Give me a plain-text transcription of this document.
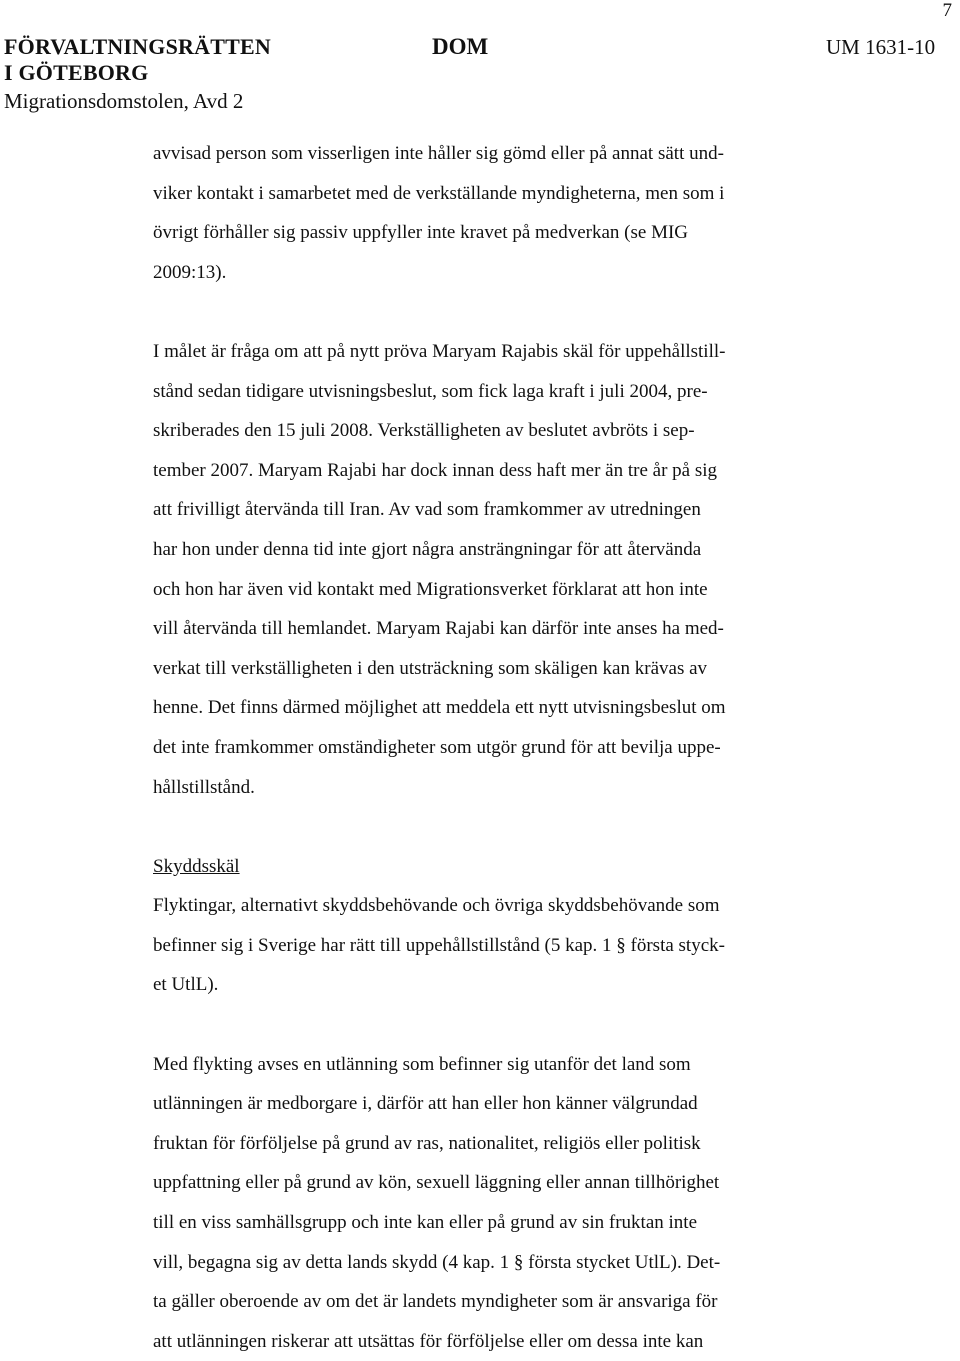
7
FÖRVALTNINGSRÄTTEN
I GÖTEBORG
Migrationsdomstolen, Avd 2
DOM	UM 1631-10
avvisad person som visserligen inte håller sig gömd eller på annat sätt und-
viker kontakt i samarbetet med de verkställande myndigheterna, men som i
övrigt förhåller sig passiv uppfyller inte kravet på medverkan (se MIG
2009:13).
I målet är fråga om att på nytt pröva Maryam Rajabis skäl för uppehållstill-
stånd sedan tidigare utvisningsbeslut, som fick laga kraft i juli 2004, pre-
skriberades den 15 juli 2008. Verkställigheten av beslutet avbröts i sep-
tember 2007. Maryam Rajabi har dock innan dess haft mer än tre år på sig
att frivilligt återvända till Iran. Av vad som framkommer av utredningen
har hon under denna tid inte gjort några ansträngningar för att återvända
och hon har även vid kontakt med Migrationsverket förklarat att hon inte
vill återvända till hemlandet. Maryam Rajabi kan därför inte anses ha med-
verkat till verkställigheten i den utsträckning som skäligen kan krävas av
henne. Det finns därmed möjlighet att meddela ett nytt utvisningsbeslut om
det inte framkommer omständigheter som utgör grund för att bevilja uppe-
hållstillstånd.
Skyddsskäl
Flyktingar, alternativt skyddsbehövande och övriga skyddsbehövande som
befinner sig i Sverige har rätt till uppehållstillstånd (5 kap. 1 § första styck-
et UtlL).
Med flykting avses en utlänning som befinner sig utanför det land som
utlänningen är medborgare i, därför att han eller hon känner välgrundad
fruktan för förföljelse på grund av ras, nationalitet, religiös eller politisk
uppfattning eller på grund av kön, sexuell läggning eller annan tillhörighet
till en viss samhällsgrupp och inte kan eller på grund av sin fruktan inte
vill, begagna sig av detta lands skydd (4 kap. 1 § första stycket UtlL). Det-
ta gäller oberoende av om det är landets myndigheter som är ansvariga för
att utlänningen riskerar att utsättas för förföljelse eller om dessa inte kan
